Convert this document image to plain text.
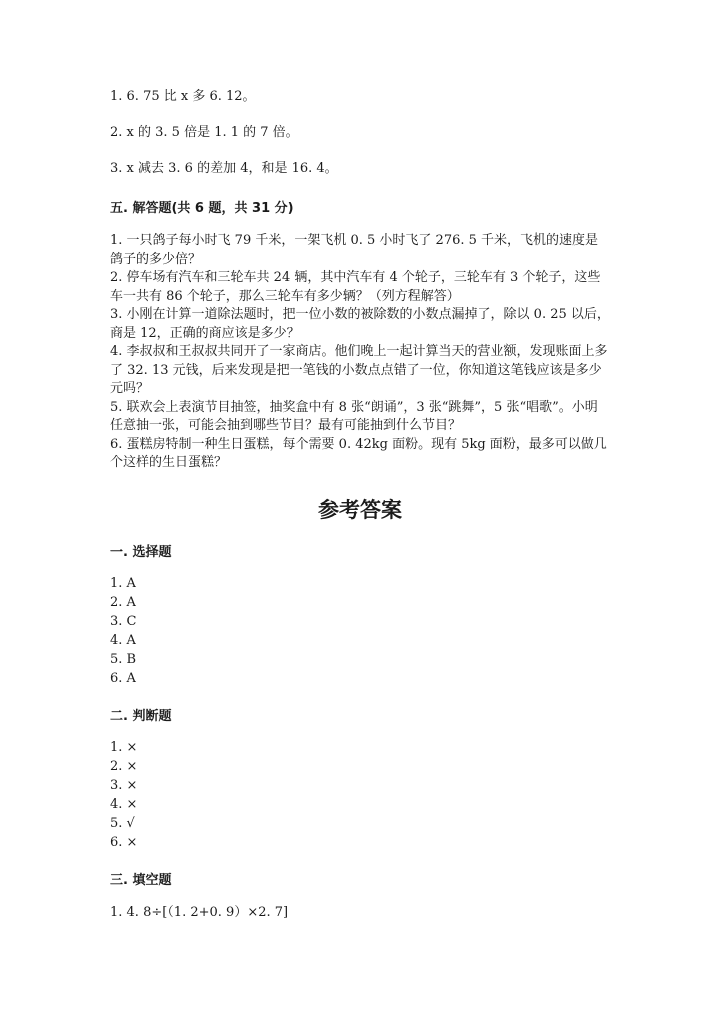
1. 6. 75 比 x 多 6. 12。
2. x 的 3. 5 倍是 1. 1 的 7 倍。
3. x 减去 3. 6 的差加 4，和是 16. 4。
五. 解答题(共 6 题，共 31 分)

1. 一只鸽子每小时飞 79 千米，一架飞机 0. 5 小时飞了 276. 5 千米，飞机的速度是鸽子的多少倍？

2. 停车场有汽车和三轮车共 24 辆，其中汽车有 4 个轮子，三轮车有 3 个轮子，这些车一共有 86 个轮子，那么三轮车有多少辆？（列方程解答）

3. 小刚在计算一道除法题时，把一位小数的被除数的小数点漏掉了，除以 0. 25 以后，商是 12，正确的商应该是多少？

4. 李叔叔和王叔叔共同开了一家商店。他们晚上一起计算当天的营业额，发现账面上多了 32. 13 元钱，后来发现是把一笔钱的小数点点错了一位，你知道这笔钱应该是多少元吗？

5. 联欢会上表演节目抽签，抽奖盒中有 8 张“朗诵”，3 张“跳舞”，5 张“唱歌”。小明任意抽一张，可能会抽到哪些节目？最有可能抽到什么节目？

6. 蛋糕房特制一种生日蛋糕，每个需要 0. 42kg 面粉。现有 5kg 面粉，最多可以做几个这样的生日蛋糕？

参考答案
一. 选择题
1. A
2. A
3. C
4. A
5. B
6. A
二. 判断题
1. ×
2. ×
3. ×
4. ×
5. √
6. ×
三. 填空题
1. 4. 8÷[（1. 2+0. 9）×2. 7]
